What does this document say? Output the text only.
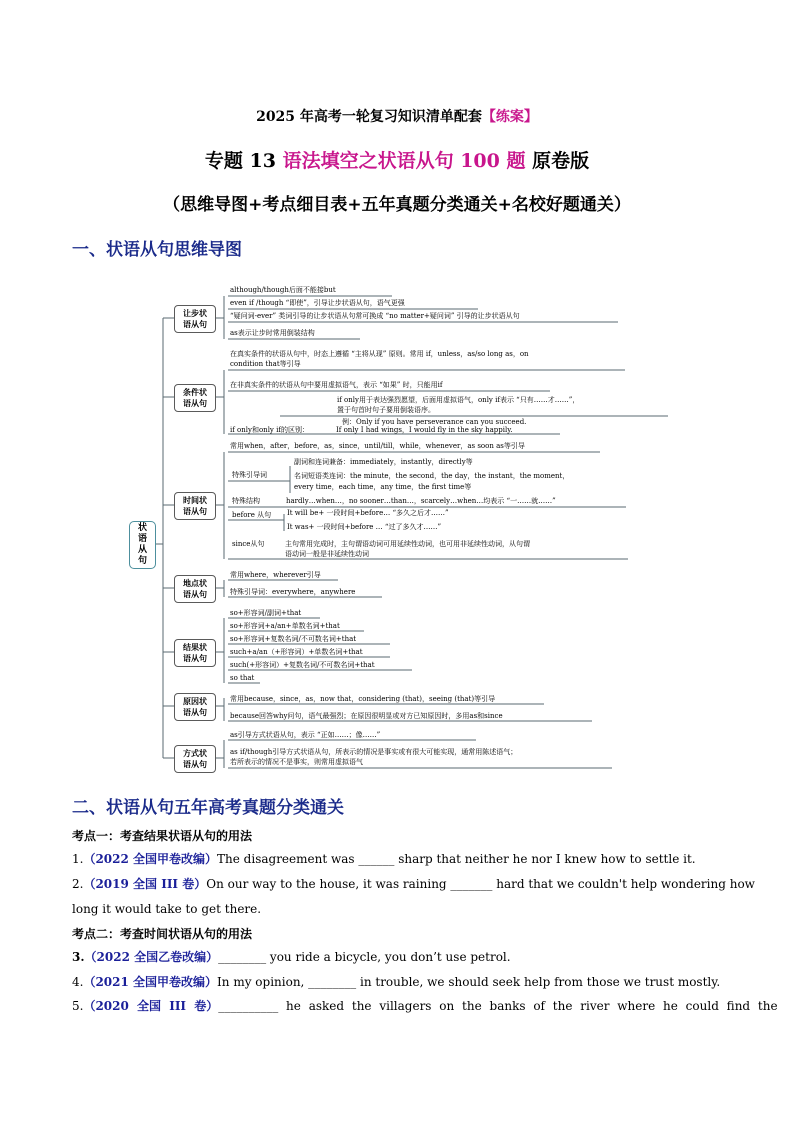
2025 年高考一轮复习知识清单配套【练案】
专题 13 语法填空之状语从句 100 题 原卷版
（思维导图+考点细目表+五年真题分类通关+名校好题通关）
一、状语从句思维导图
状
语
从
句
让步状
语从句
条件状
语从句
时间状
语从句
地点状
语从句
结果状
语从句
原因状
语从句
方式状
语从句
although/though后面不能接but
even if /though “即使”，引导让步状语从句，语气更强
“疑问词-ever” 类词引导的让步状语从句常可换成 “no matter+疑问词” 引导的让步状语从句
as表示让步时常用倒装结构
在真实条件的状语从句中，时态上遵循 “主将从现” 原则。常用 if，unless，as/so long as，on
condition that等引导
在非真实条件的状语从句中要用虚拟语气，表示 “如果” 时，只能用if
if only用于表达强烈愿望，后面用虚拟语气，only if表示 “只有……才……”，
置于句首时句子要用倒装语序。
例：Only if you have perseverance can you succeed.
if only和only if的区别：	If only I had wings，I would fly in the sky happily.
常用when，after，before，as，since，until/till，while，whenever，as soon as等引导
特殊引导词
副词和连词兼备：immediately，instantly，directly等
名词短语类连词：the minute，the second，the day，the instant，the moment，
every time，each time，any time，the first time等
特殊结构	hardly…when…，no sooner…than…，scarcely…when…均表示 “一……就……”
before 从句 It will be+ 一段时间+before… “多久之后才……”
It was+ 一段时间+before … “过了多久才……”
since从句	主句常用完成时，主句谓语动词可用延续性动词，也可用非延续性动词，从句谓
语动词一般是非延续性动词
常用where，wherever引导
特殊引导词：everywhere，anywhere
so+形容词/副词+that
so+形容词+a/an+单数名词+that
so+形容词+复数名词/不可数名词+that
such+a/an（+形容词）+单数名词+that
such(+形容词）+复数名词/不可数名词+that
so that
常用because，since，as，now that，considering (that)，seeing (that)等引导
because回答why问句，语气最强烈；在原因很明显或对方已知原因时，多用as和since
as引导方式状语从句，表示 “正如……；像……”
as if/though引导方式状语从句，所表示的情况是事实或有很大可能实现，通常用陈述语气；
若所表示的情况不是事实，则常用虚拟语气
二、状语从句五年高考真题分类通关
考点一：考查结果状语从句的用法
1.（2022 全国甲卷改编）The disagreement was ______ sharp that neither he nor I knew how to settle it.
2.（2019 全国 III 卷）On our way to the house, it was raining _______ hard that we couldn't help wondering how
long it would take to get there.
考点二：考查时间状语从句的用法
3.（2022 全国乙卷改编）________ you ride a bicycle, you don’t use petrol.
4.（2021 全国甲卷改编）In my opinion, ________ in trouble, we should seek help from those we trust mostly.
5.（2020 全国 III 卷）__________ he asked the villagers on the banks of the river where he could find the
